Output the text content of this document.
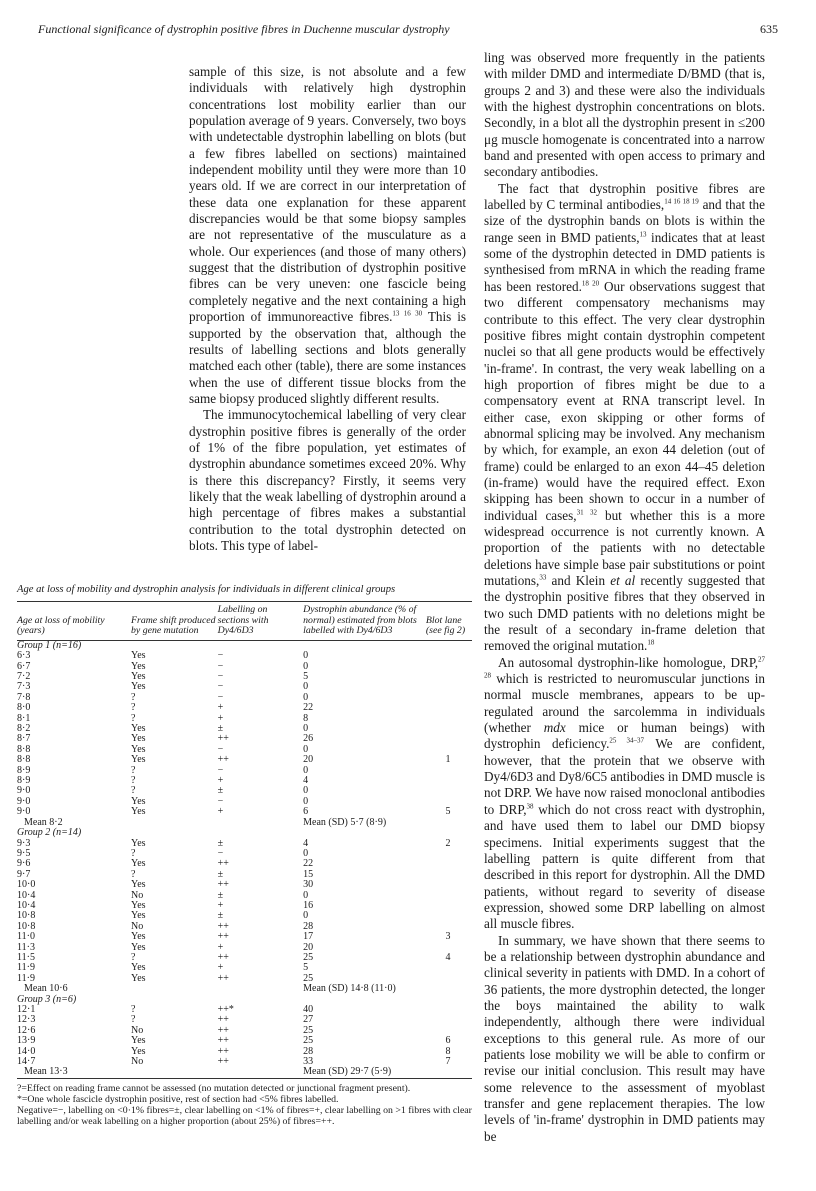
Functional significance of dystrophin positive fibres in Duchenne muscular dystrophy	635

sample of this size, is not absolute and a few individuals with relatively high dystrophin concentrations lost mobility earlier than our population average of 9 years. Conversely, two boys with undetectable dystrophin labelling on blots (but a few fibres labelled on sections) maintained independent mobility until they were more than 10 years old. If we are correct in our interpretation of these data one explanation for these apparent discrepancies would be that some biopsy samples are not representative of the musculature as a whole. Our experiences (and those of many others) suggest that the distribution of dystrophin positive fibres can be very uneven: one fascicle being completely negative and the next containing a high proportion of immunoreactive fibres.$^{13 16 30}$ This is supported by the observation that, although the results of labelling sections and blots generally matched each other (table), there are some instances when the use of different tissue blocks from the same biopsy produced slightly different results.

The immunocytochemical labelling of very clear dystrophin positive fibres is generally of the order of 1% of the fibre population, yet estimates of dystrophin abundance sometimes exceed 20%. Why is there this discrepancy? Firstly, it seems very likely that the weak labelling of dystrophin around a high percentage of fibres makes a substantial contribution to the total dystrophin detected on blots. This type of label-

ling was observed more frequently in the patients with milder DMD and intermediate D/BMD (that is, groups 2 and 3) and these were also the individuals with the highest dystrophin concentrations on blots. Secondly, in a blot all the dystrophin present in ≤200 μg muscle homogenate is concentrated into a narrow band and presented with open access to primary and secondary antibodies.

The fact that dystrophin positive fibres are labelled by C terminal antibodies,$^{14 16 18 19}$ and that the size of the dystrophin bands on blots is within the range seen in BMD patients,$^{13}$ indicates that at least some of the dystrophin detected in DMD patients is synthesised from mRNA in which the reading frame has been restored.$^{18 20}$ Our observations suggest that two different compensatory mechanisms may contribute to this effect. The very clear dystrophin positive fibres might contain dystrophin competent nuclei so that all gene products would be effectively 'in-frame'. In contrast, the very weak labelling on a high proportion of fibres might be due to a compensatory event at RNA transcript level. In either case, exon skipping or other forms of abnormal splicing may be involved. Any mechanism by which, for example, an exon 44 deletion (out of frame) could be enlarged to an exon 44–45 deletion (in-frame) would have the required effect. Exon skipping has been shown to occur in a number of individual cases,$^{31 32}$ but whether this is a more widespread occurrence is not currently known. A proportion of the patients with no detectable deletions have simple base pair substitutions or point mutations,$^{33}$ and Klein et al recently suggested that the dystrophin positive fibres that they observed in two such DMD patients with no deletions might be the result of a secondary in-frame deletion that removed the original mutation.$^{18}$

An autosomal dystrophin-like homologue, DRP,$^{27 28}$ which is restricted to neuromuscular junctions in normal muscle membranes, appears to be up-regulated around the sarcolemma in individuals (whether mdx mice or human beings) with dystrophin deficiency.$^{25 34-37}$ We are confident, however, that the protein that we observe with Dy4/6D3 and Dy8/6C5 antibodies in DMD muscle is not DRP. We have now raised monoclonal antibodies to DRP,$^{38}$ which do not cross react with dystrophin, and have used them to label our DMD biopsy specimens. Initial experiments suggest that the labelling pattern is quite different from that described in this report for dystrophin. All the DMD patients, without regard to severity of disease expression, showed some DRP labelling on almost all muscle fibres.

In summary, we have shown that there seems to be a relationship between dystrophin abundance and clinical severity in patients with DMD. In a cohort of 36 patients, the more dystrophin detected, the longer the boys maintained the ability to walk independently, although there were individual exceptions to this general rule. As more of our patients lose mobility we will be able to confirm or revise our initial conclusion. This result may have some relevence to the assessment of myoblast transfer and gene replacement therapies. The low levels of 'in-frame' dystrophin in DMD patients may be

Age at loss of mobility and dystrophin analysis for individuals in different clinical groups
Age at loss of mobility (years)	Frame shift produced by gene mutation	Labelling on sections with Dy4/6D3	Dystrophin abundance (% of normal) estimated from blots labelled with Dy4/6D3	Blot lane (see fig 2)
Group 1 (n=16)				
6·3	Yes	−	0	
6·7	Yes	−	0	
7·2	Yes	−	5	
7·3	Yes	−	0	
7·8	?	−	0	
8·0	?	+	22	
8·1	?	+	8	
8·2	Yes	±	0	
8·7	Yes	++	26	
8·8	Yes	−	0	
8·8	Yes	++	20	1
8·9	?	−	0	
8·9	?	+	4	
9·0	?	±	0	
9·0	Yes	−	0	
9·0	Yes	+	6	5
Mean 8·2			Mean (SD) 5·7 (8·9)	
Group 2 (n=14)				
9·3	Yes	±	4	2
9·5	?	−	0	
9·6	Yes	++	22	
9·7	?	±	15	
10·0	Yes	++	30	
10·4	No	±	0	
10·4	Yes	+	16	
10·8	Yes	±	0	
10·8	No	++	28	
11·0	Yes	++	17	3
11·3	Yes	+	20	
11·5	?	++	25	4
11·9	Yes	+	5	
11·9	Yes	++	25	
Mean 10·6			Mean (SD) 14·8 (11·0)	
Group 3 (n=6)				
12·1	?	++*	40	
12·3	?	++	27	
12·6	No	++	25	
13·9	Yes	++	25	6
14·0	Yes	++	28	8
14·7	No	++	33	7
Mean 13·3			Mean (SD) 29·7 (5·9)	
?=Effect on reading frame cannot be assessed (no mutation detected or junctional fragment present).
*=One whole fascicle dystrophin positive, rest of section had <5% fibres labelled.
Negative=−, labelling on <0·1% fibres=±, clear labelling on <1% of fibres=+, clear labelling on >1 fibres with clear labelling and/or weak labelling on a higher proportion (about 25%) of fibres=++.
